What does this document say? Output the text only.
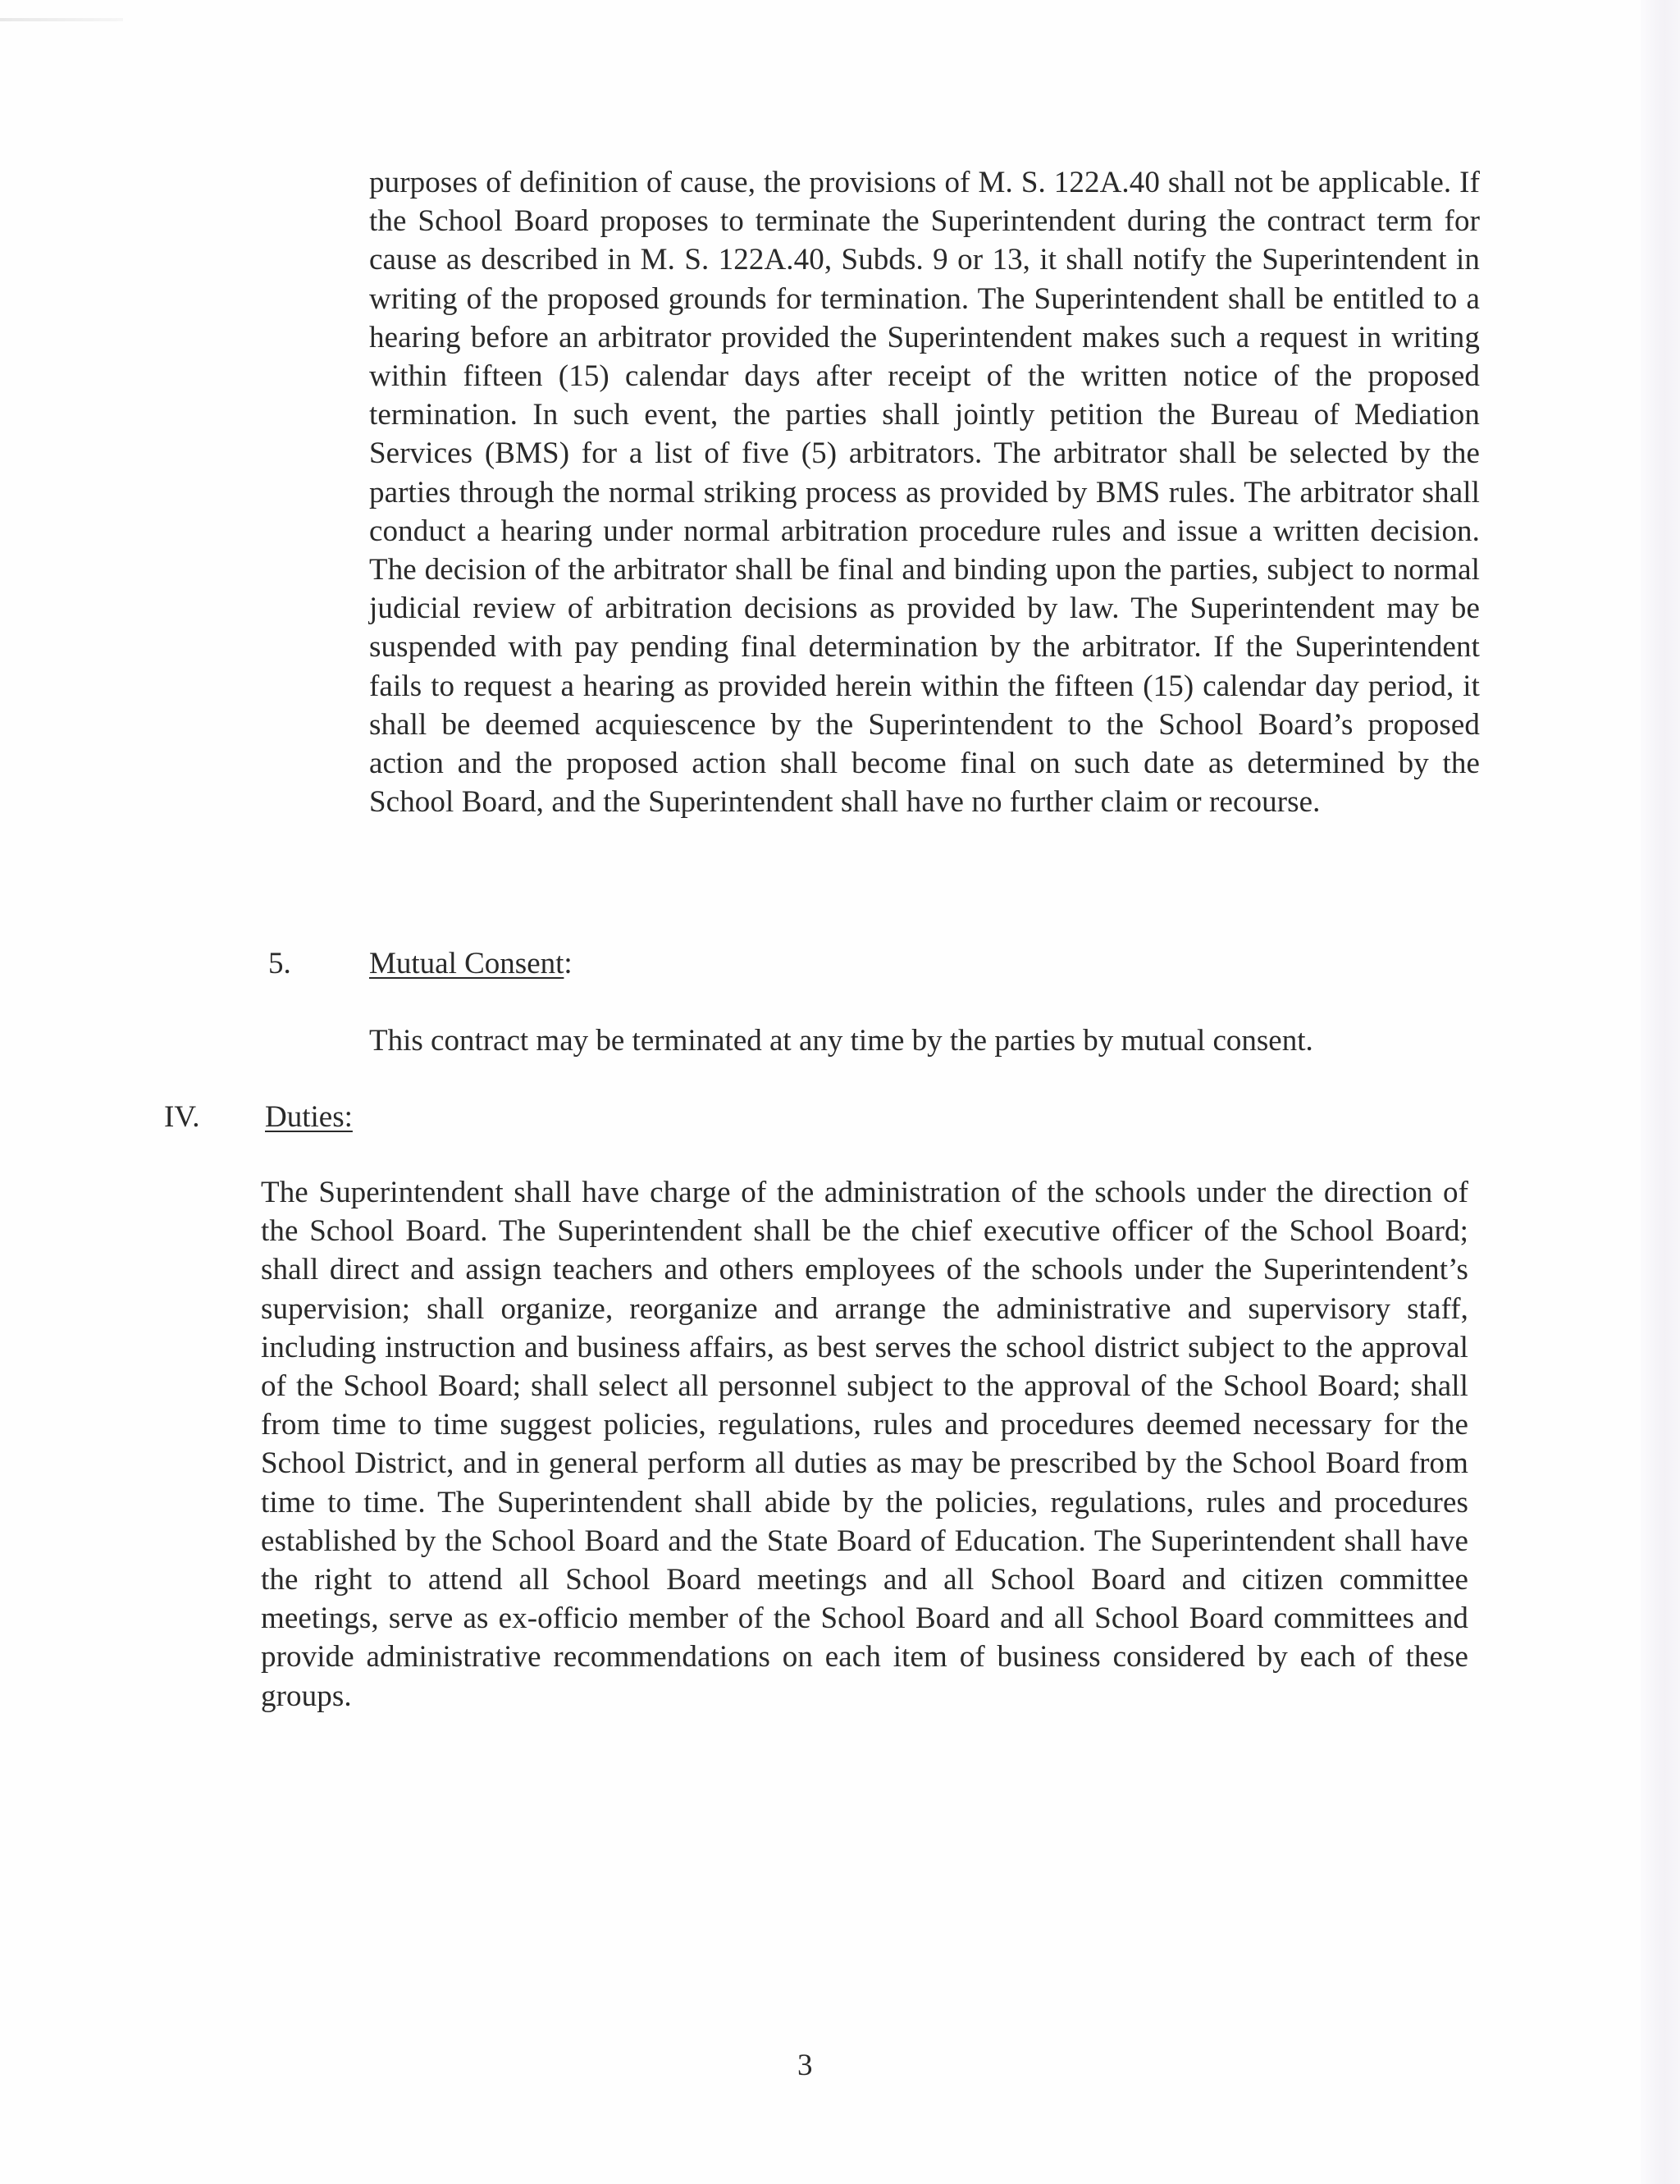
purposes of definition of cause, the provisions of M. S. 122A.40 shall not be applicable. If the School Board proposes to terminate the Superintendent during the contract term for cause as described in M. S. 122A.40, Subds. 9 or 13, it shall notify the Superintendent in writing of the proposed grounds for termination. The Superintendent shall be entitled to a hearing before an arbitrator provided the Superintendent makes such a request in writing within fifteen (15) calendar days after receipt of the written notice of the proposed termination. In such event, the parties shall jointly petition the Bureau of Mediation Services (BMS) for a list of five (5) arbitrators. The arbitrator shall be selected by the parties through the normal striking process as provided by BMS rules. The arbitrator shall conduct a hearing under normal arbitration procedure rules and issue a written decision. The decision of the arbitrator shall be final and binding upon the parties, subject to normal judicial review of arbitration decisions as provided by law. The Superintendent may be suspended with pay pending final determination by the arbitrator. If the Superintendent fails to request a hearing as provided herein within the fifteen (15) calendar day period, it shall be deemed acquiescence by the Superintendent to the School Board’s proposed action and the proposed action shall become final on such date as determined by the School Board, and the Superintendent shall have no further claim or recourse.

5.	Mutual Consent:
This contract may be terminated at any time by the parties by mutual consent.
IV. Duties:

The Superintendent shall have charge of the administration of the schools under the direction of the School Board. The Superintendent shall be the chief executive officer of the School Board; shall direct and assign teachers and others employees of the schools under the Superintendent’s supervision; shall organize, reorganize and arrange the administrative and supervisory staff, including instruction and business affairs, as best serves the school district subject to the approval of the School Board; shall select all personnel subject to the approval of the School Board; shall from time to time suggest policies, regulations, rules and procedures deemed necessary for the School District, and in general perform all duties as may be prescribed by the School Board from time to time. The Superintendent shall abide by the policies, regulations, rules and procedures established by the School Board and the State Board of Education. The Superintendent shall have the right to attend all School Board meetings and all School Board and citizen committee meetings, serve as ex-officio member of the School Board and all School Board committees and provide administrative recommendations on each item of business considered by each of these groups.

3
